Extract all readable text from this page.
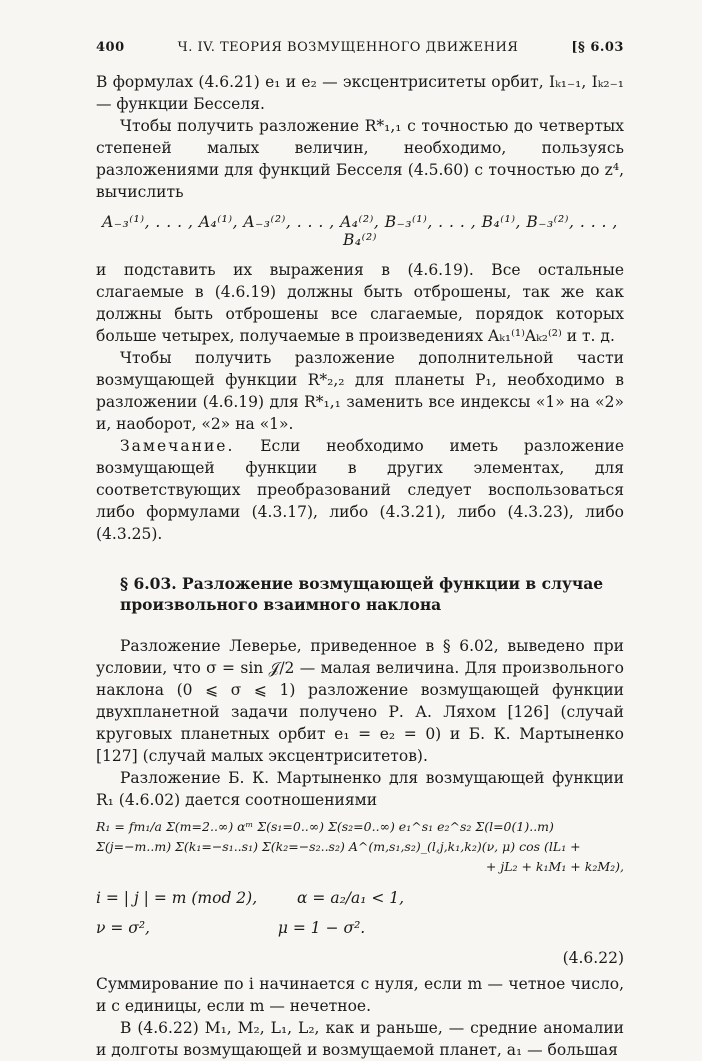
400	Ч. IV. ТЕОРИЯ ВОЗМУЩЕННОГО ДВИЖЕНИЯ	[§ 6.03

В формулах (4.6.21) e₁ и e₂ — эксцентриситеты орбит, Iₖ₁₋₁, Iₖ₂₋₁ — функции Бесселя.

Чтобы получить разложение R*₁,₁ с точностью до четвертых степеней малых величин, необходимо, пользуясь разложениями для функций Бесселя (4.5.60) с точностью до z⁴, вычислить

A₋₃⁽¹⁾, . . . , A₄⁽¹⁾, A₋₃⁽²⁾, . . . , A₄⁽²⁾, B₋₃⁽¹⁾, . . . , B₄⁽¹⁾, B₋₃⁽²⁾, . . . , B₄⁽²⁾

и подставить их выражения в (4.6.19). Все остальные слагаемые в (4.6.19) должны быть отброшены, так же как должны быть отброшены все слагаемые, порядок которых больше четырех, получаемые в произведениях Aₖ₁⁽¹⁾Aₖ₂⁽²⁾ и т. д.

Чтобы получить разложение дополнительной части возмущающей функции R*₂,₂ для планеты P₁, необходимо в разложении (4.6.19) для R*₁,₁ заменить все индексы «1» на «2» и, наоборот, «2» на «1».

Замечание. Если необходимо иметь разложение возмущающей функции в других элементах, для соответствующих преобразований следует воспользоваться либо формулами (4.3.17), либо (4.3.21), либо (4.3.23), либо (4.3.25).

§ 6.03. Разложение возмущающей функции в случае произвольного взаимного наклона

Разложение Леверье, приведенное в § 6.02, выведено при условии, что σ = sin 𝒥/2 — малая величина. Для произвольного наклона (0 ⩽ σ ⩽ 1) разложение возмущающей функции двухпланетной задачи получено Р. А. Ляхом [126] (случай круговых планетных орбит e₁ = e₂ = 0) и Б. К. Мартыненко [127] (случай малых эксцентриситетов).

Разложение Б. К. Мартыненко для возмущающей функции R₁ (4.6.02) дается соотношениями

R₁ = fm₁/a Σ(m=2..∞) αᵐ Σ(s₁=0..∞) Σ(s₂=0..∞) e₁^s₁ e₂^s₂ Σ(l=0(1)..m) Σ(j=−m..m) Σ(k₁=−s₁..s₁) Σ(k₂=−s₂..s₂) A^(m,s₁,s₂)_(l,j,k₁,k₂)(ν, μ) cos (lL₁ +
+ jL₂ + k₁M₁ + k₂M₂),
i = | j | = m (mod 2),	α = a₂/a₁ < 1,
ν = σ²,	μ = 1 − σ².
(4.6.22)

Суммирование по i начинается с нуля, если m — четное число, и с единицы, если m — нечетное.

В (4.6.22) M₁, M₂, L₁, L₂, как и раньше, — средние аномалии и долготы возмущающей и возмущаемой планет, a₁ — большая
